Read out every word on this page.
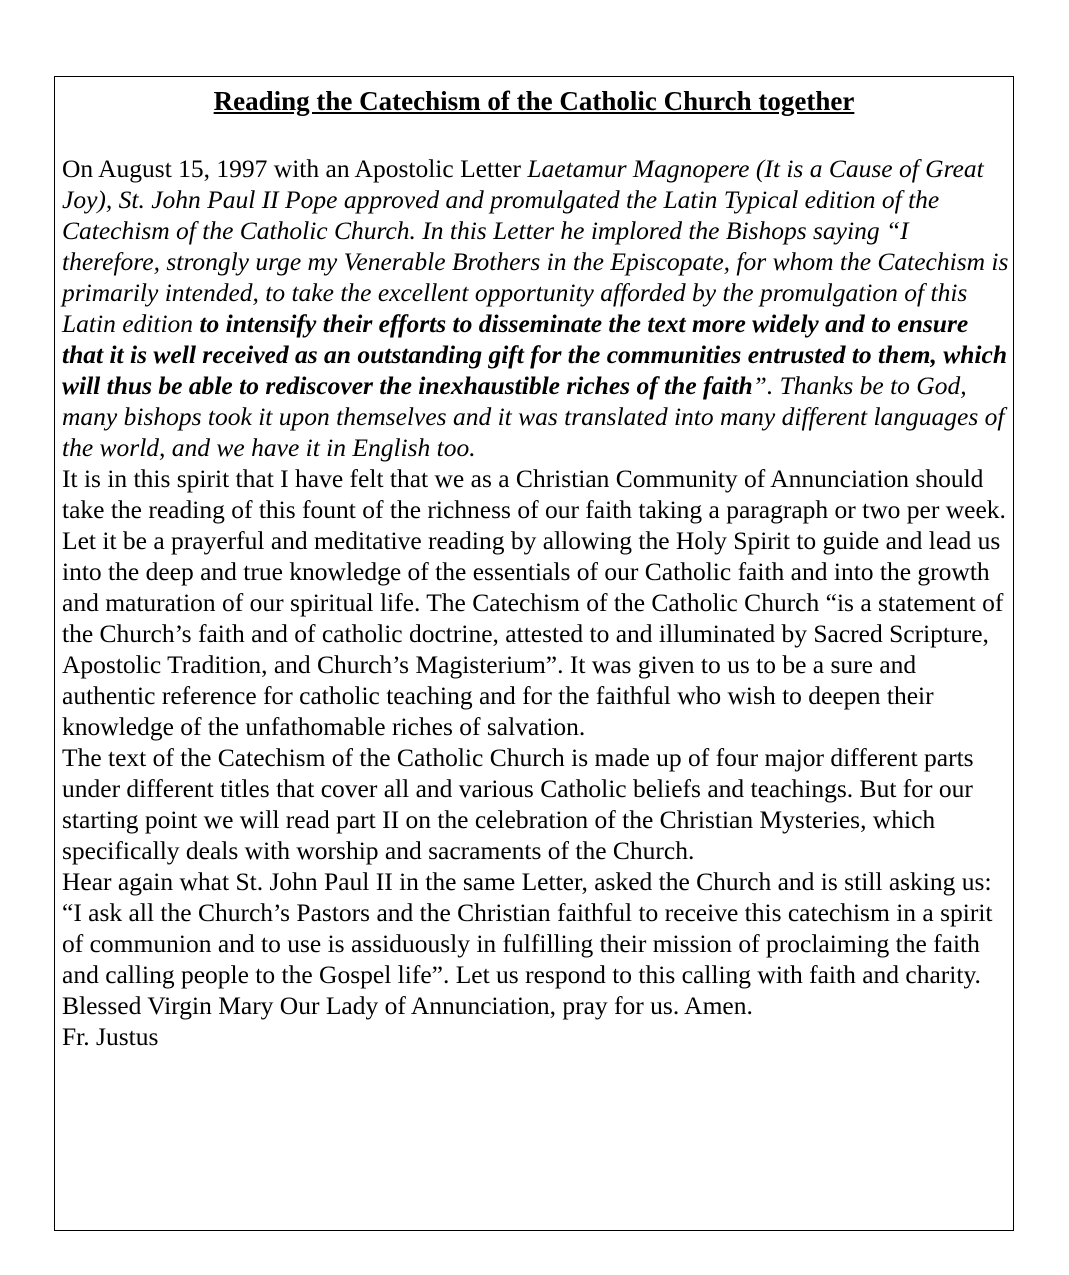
Reading the Catechism of the Catholic Church together

On August 15, 1997 with an Apostolic Letter Laetamur Magnopere (It is a Cause of Great Joy), St. John Paul II Pope approved and promulgated the Latin Typical edition of the Catechism of the Catholic Church. In this Letter he implored the Bishops saying “I therefore, strongly urge my Venerable Brothers in the Episcopate, for whom the Catechism is primarily intended, to take the excellent opportunity afforded by the promulgation of this Latin edition to intensify their efforts to disseminate the text more widely and to ensure that it is well received as an outstanding gift for the communities entrusted to them, which will thus be able to rediscover the inexhaustible riches of the faith”. Thanks be to God, many bishops took it upon themselves and it was translated into many different languages of the world, and we have it in English too.

It is in this spirit that I have felt that we as a Christian Community of Annunciation should take the reading of this fount of the richness of our faith taking a paragraph or two per week. Let it be a prayerful and meditative reading by allowing the Holy Spirit to guide and lead us into the deep and true knowledge of the essentials of our Catholic faith and into the growth and maturation of our spiritual life. The Catechism of the Catholic Church “is a statement of the Church’s faith and of catholic doctrine, attested to and illuminated by Sacred Scripture, Apostolic Tradition, and Church’s Magisterium”. It was given to us to be a sure and authentic reference for catholic teaching and for the faithful who wish to deepen their knowledge of the unfathomable riches of salvation.

The text of the Catechism of the Catholic Church is made up of four major different parts under different titles that cover all and various Catholic beliefs and teachings. But for our starting point we will read part II on the celebration of the Christian Mysteries, which specifically deals with worship and sacraments of the Church.

Hear again what St. John Paul II in the same Letter, asked the Church and is still asking us: “I ask all the Church’s Pastors and the Christian faithful to receive this catechism in a spirit of communion and to use is assiduously in fulfilling their mission of proclaiming the faith and calling people to the Gospel life”. Let us respond to this calling with faith and charity.

Blessed Virgin Mary Our Lady of Annunciation, pray for us. Amen.

Fr. Justus
